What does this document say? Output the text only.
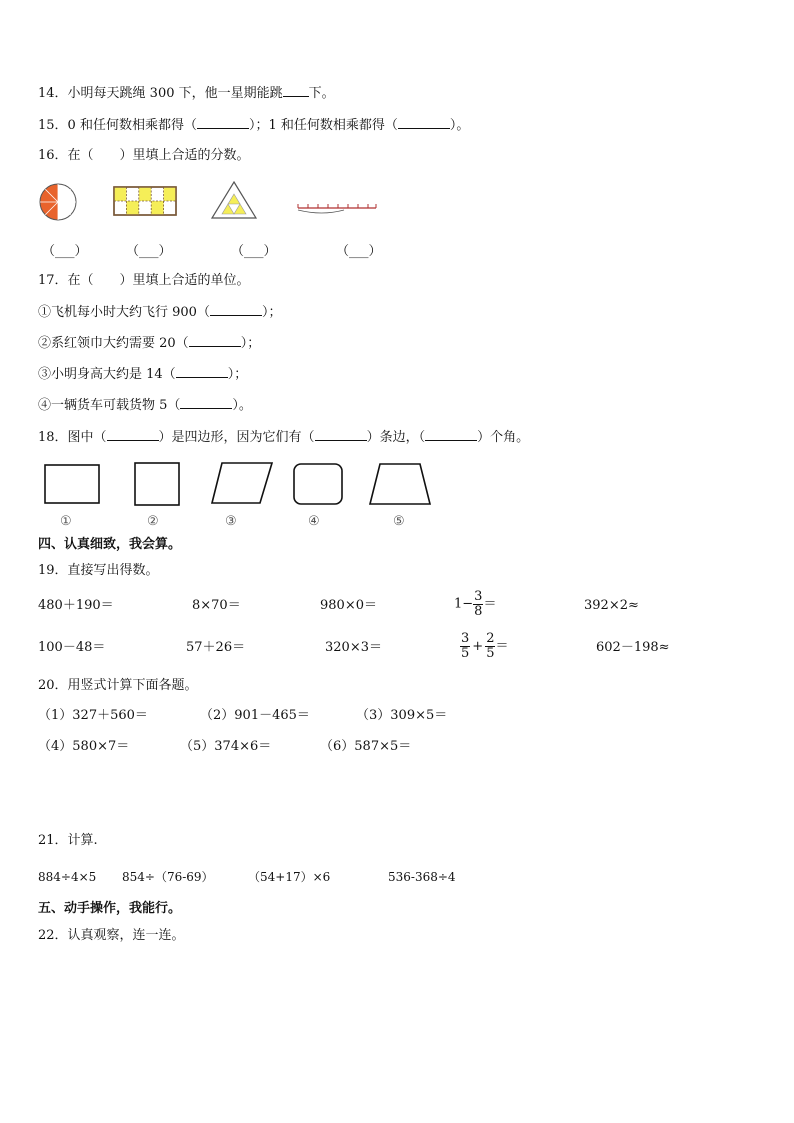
14．小明每天跳绳 300 下，他一星期能跳 下。
15．0 和任何数相乘都得（	）；1 和任何数相乘都得（	）。
16．在（　　）里填上合适的分数。
（___）	（___）	（___）	（___）
17．在（　　）里填上合适的单位。
①飞机每小时大约飞行 900（	）；
②系红领巾大约需要 20（	）；
③小明身高大约是 14（	）；
④一辆货车可载货物 5（	）。
18．图中（	）是四边形，因为它们有（	）条边，（	）个角。
①	②	③	④	⑤
四、认真细致，我会算。
19．直接写出得数。
480＋190＝	8×70＝	980×0＝	$1- \frac{3}{8}$ ＝	392×2≈
100－48＝	57＋26＝	320×3＝	$\frac{3}{5} + \frac{2}{5}$ ＝	602－198≈
20．用竖式计算下面各题。
（1）327＋560＝	（2）901－465＝	（3）309×5＝
（4）580×7＝	（5）374×6＝	（6）587×5＝
21．计算.
884÷4×5 854÷（76-69）	（54+17）×6	536-368÷4
五、动手操作，我能行。
22．认真观察，连一连。
